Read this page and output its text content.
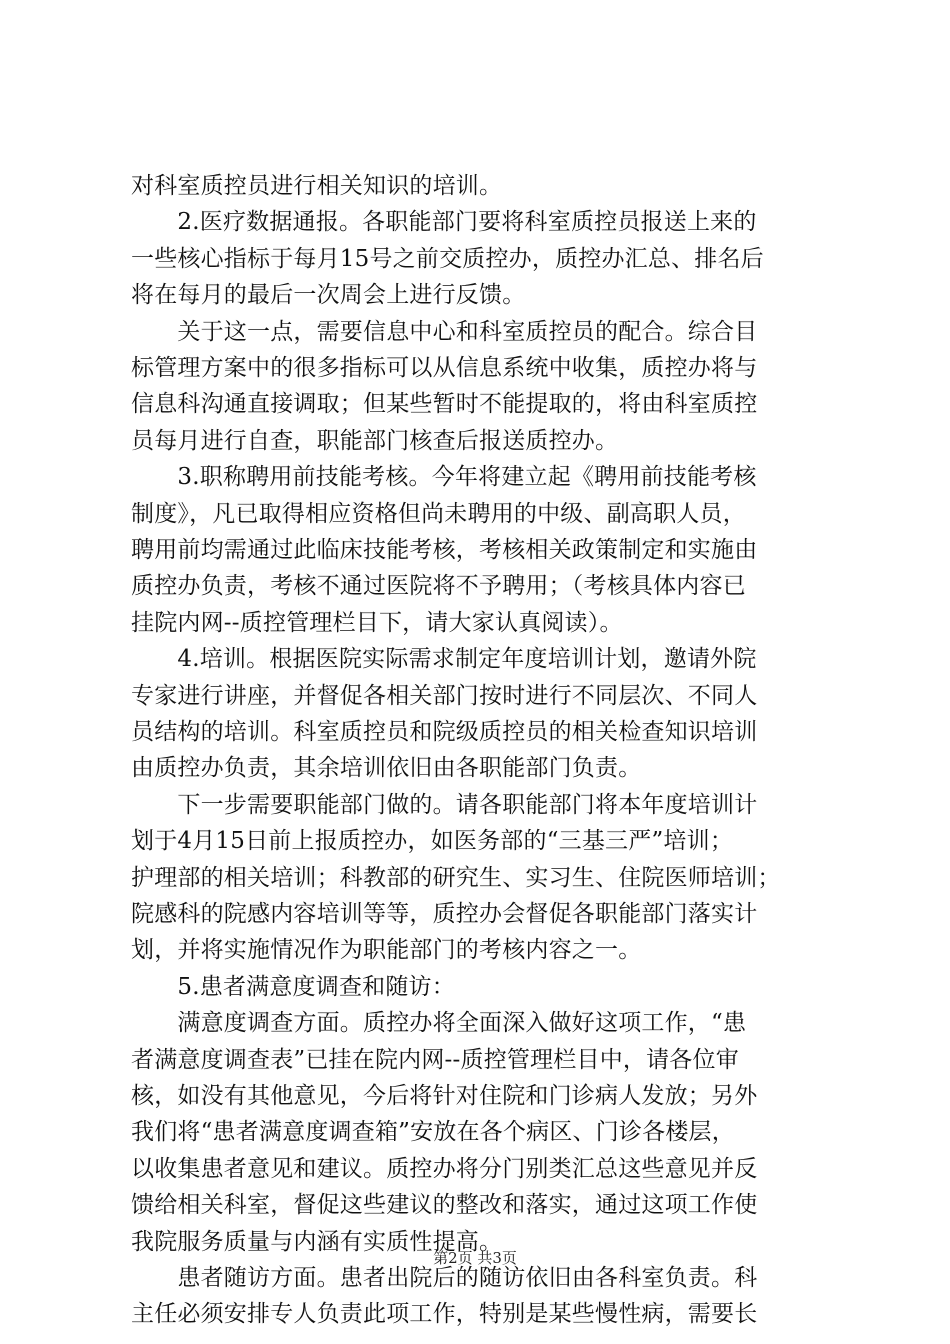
对科室质控员进行相关知识的培训。
　　2.医疗数据通报。各职能部门要将科室质控员报送上来的
一些核心指标于每月15号之前交质控办，质控办汇总、排名后
将在每月的最后一次周会上进行反馈。
　　关于这一点，需要信息中心和科室质控员的配合。综合目
标管理方案中的很多指标可以从信息系统中收集，质控办将与
信息科沟通直接调取；但某些暂时不能提取的，将由科室质控
员每月进行自查，职能部门核查后报送质控办。
　　3.职称聘用前技能考核。今年将建立起《聘用前技能考核
制度》，凡已取得相应资格但尚未聘用的中级、副高职人员，
聘用前均需通过此临床技能考核，考核相关政策制定和实施由
质控办负责，考核不通过医院将不予聘用；（考核具体内容已
挂院内网--质控管理栏目下，请大家认真阅读）。
　　4.培训。根据医院实际需求制定年度培训计划，邀请外院
专家进行讲座，并督促各相关部门按时进行不同层次、不同人
员结构的培训。科室质控员和院级质控员的相关检查知识培训
由质控办负责，其余培训依旧由各职能部门负责。
　　下一步需要职能部门做的。请各职能部门将本年度培训计
划于4月15日前上报质控办，如医务部的“三基三严”培训；
护理部的相关培训；科教部的研究生、实习生、住院医师培训；
院感科的院感内容培训等等，质控办会督促各职能部门落实计
划，并将实施情况作为职能部门的考核内容之一。
　　5.患者满意度调查和随访：
　　满意度调查方面。质控办将全面深入做好这项工作，“患
者满意度调查表”已挂在院内网--质控管理栏目中，请各位审
核，如没有其他意见，今后将针对住院和门诊病人发放；另外
我们将“患者满意度调查箱”安放在各个病区、门诊各楼层，
以收集患者意见和建议。质控办将分门别类汇总这些意见并反
馈给相关科室，督促这些建议的整改和落实，通过这项工作使
我院服务质量与内涵有实质性提高。
　　患者随访方面。患者出院后的随访依旧由各科室负责。科
主任必须安排专人负责此项工作，特别是某些慢性病，需要长
第2页 共3页
